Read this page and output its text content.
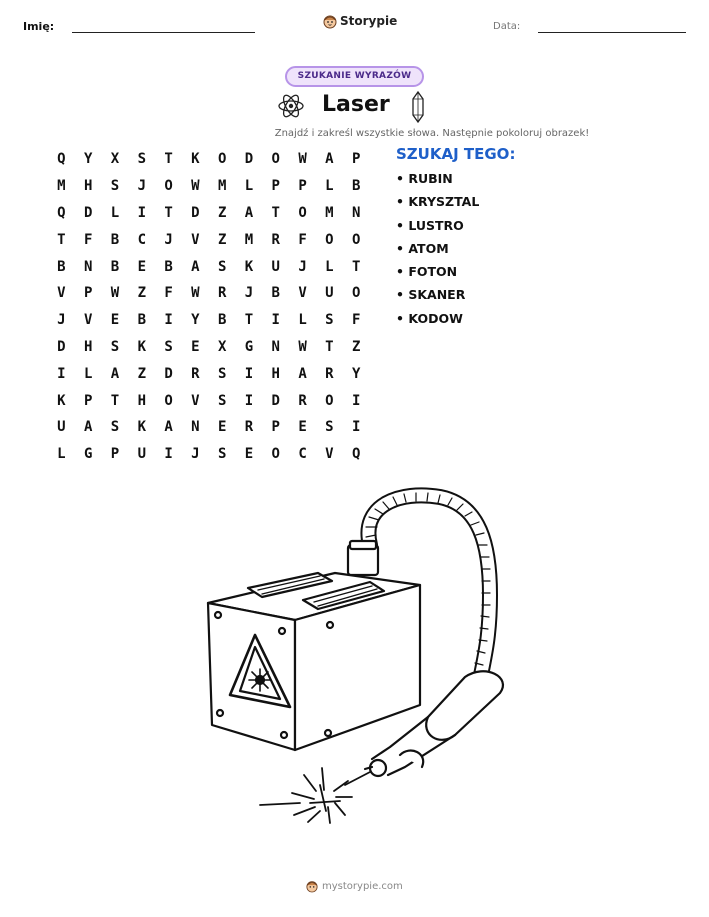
Imię:	Storypie	Data:
SZUKANIE WYRAZÓW
Laser
Znajdź i zakreśl wszystkie słowa. Następnie pokoloruj obrazek!
Q	Y	X	S	T	K	O	D	O	W	A	P
M	H	S	J	O	W	M	L	P	P	L	B
Q	D	L	I	T	D	Z	A	T	O	M	N
T	F	B	C	J	V	Z	M	R	F	O	O
B	N	B	E	B	A	S	K	U	J	L	T
V	P	W	Z	F	W	R	J	B	V	U	O
J	V	E	B	I	Y	B	T	I	L	S	F
D	H	S	K	S	E	X	G	N	W	T	Z
I	L	A	Z	D	R	S	I	H	A	R	Y
K	P	T	H	O	V	S	I	D	R	O	I
U	A	S	K	A	N	E	R	P	E	S	I
L	G	P	U	I	J	S	E	O	C	V	Q
SZUKAJ TEGO:
• RUBIN
• KRYSZTAL
• LUSTRO
• ATOM
• FOTON
• SKANER
• KODOW
mystorypie.com
